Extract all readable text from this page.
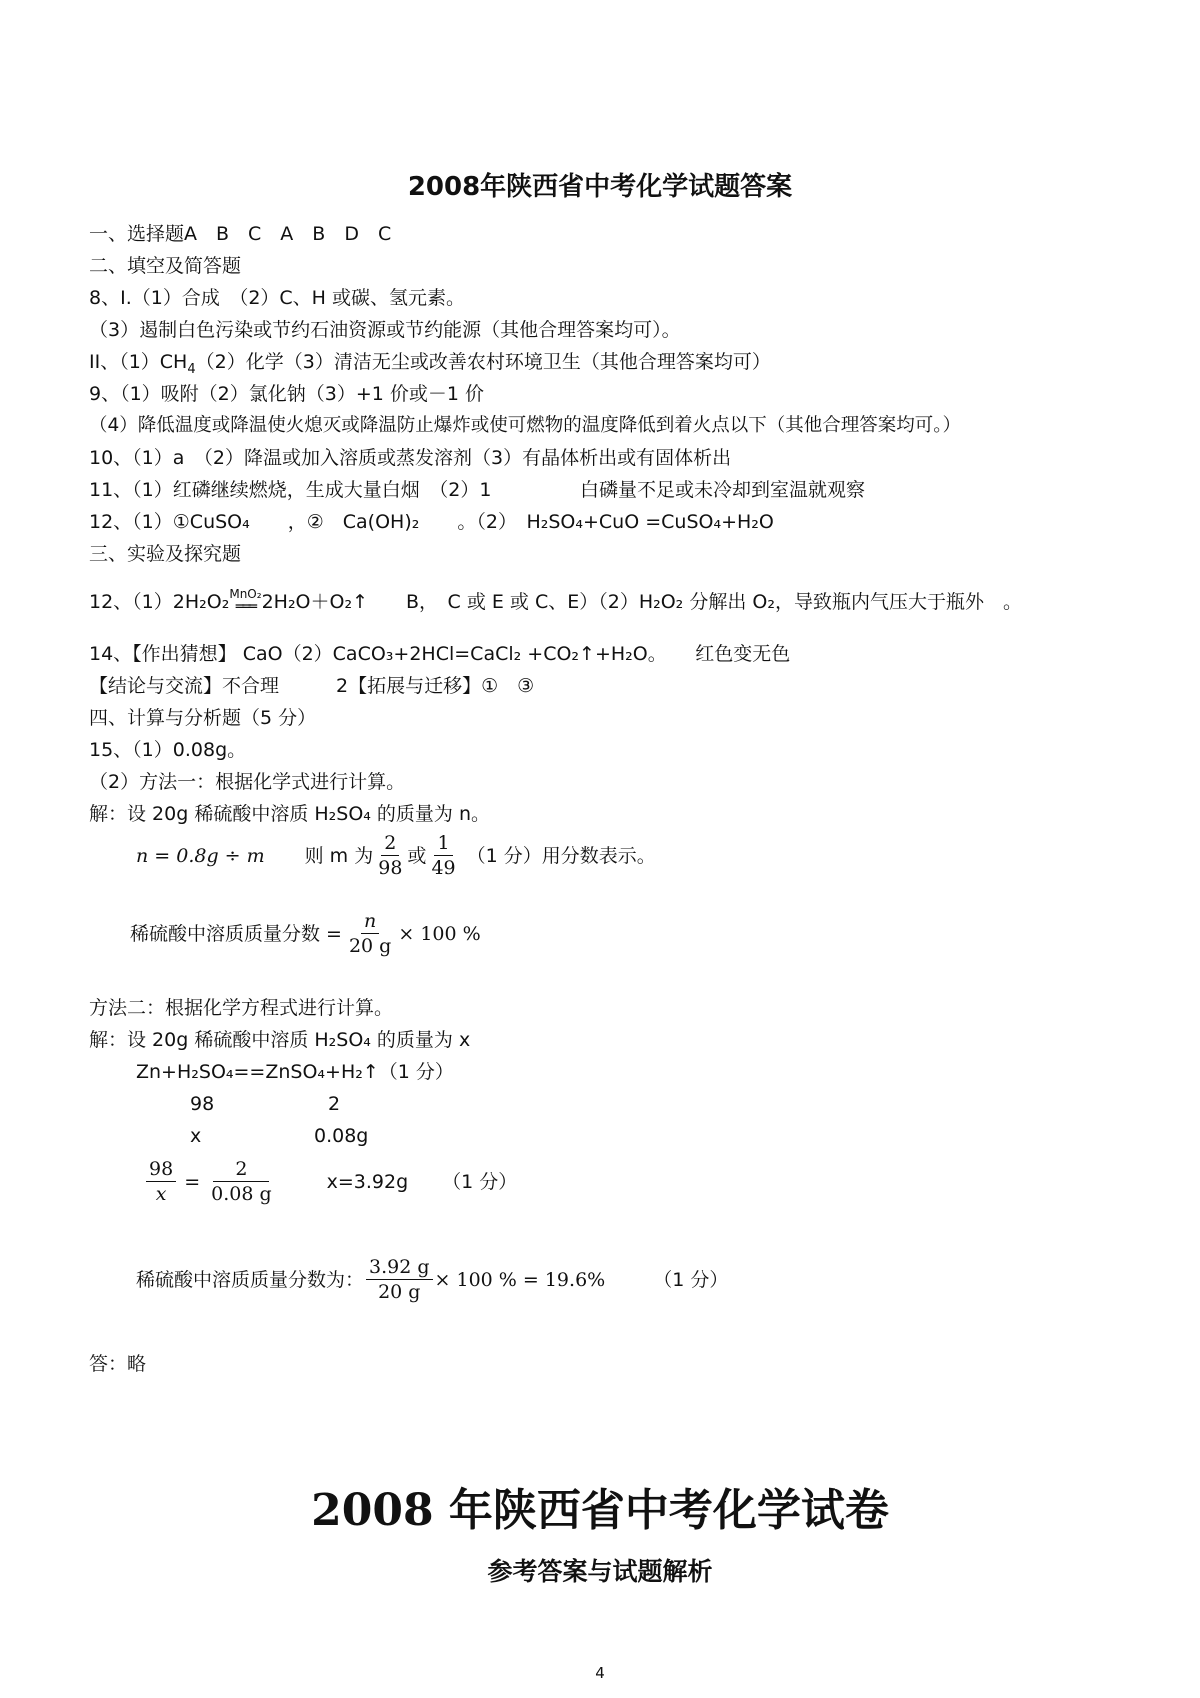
2008年陕西省中考化学试题答案
一、选择题A　B　C　A　B　D　C
二、填空及简答题
8、I.（1）合成　（2）C、H 或碳、氢元素。
（3）遏制白色污染或节约石油资源或节约能源（其他合理答案均可）。
II、$(1)CH_4(2)$化学（3）清洁无尘或改善农村环境卫生（其他合理答案均可）
9、（1）吸附（2）氯化钠（3）+1 价或－1 价
（4）降低温度或降温使火熄灭或降温防止爆炸或使可燃物的温度降低到着火点以下（其他合理答案均可。）
10、（1）a　（2）降温或加入溶质或蒸发溶剂（3）有晶体析出或有固体析出
11、（1）红磷继续燃烧，生成大量白烟　（2）1	白磷量不足或未冷却到室温就观察
12、（1）①CuSO₄　　，②　Ca(OH)₂　　。（2）　H₂SO₄+CuO =CuSO₄+H₂O
三、实验及探究题
12、（1）2H₂O₂ MnO₂
═══ 2H₂O＋O₂↑　　B，　C 或 E 或 C、E）（2）H₂O₂ 分解出 O₂，导致瓶内气压大于瓶外　。
14、【作出猜想】 CaO（2）CaCO₃+2HCl=CaCl₂ +CO₂↑+H₂O。　　红色变无色
【结论与交流】不合理　　　2【拓展与迁移】①　③
四、计算与分析题（5 分）
15、（1）0.08g。
（2）方法一：根据化学式进行计算。
解：设 20g 稀硫酸中溶质 H₂SO₄ 的质量为 n。
n = 0.8g ÷ m 则 m 为 $\frac{2}{98}$ 或 $\frac{1}{49} (1$ 分）用分数表示。
稀硫酸中溶质质量分数 = $\frac{n}{20 g} \times 100$ %
方法二：根据化学方程式进行计算。
解：设 20g 稀硫酸中溶质 H₂SO₄ 的质量为 x
Zn+H₂SO₄==ZnSO₄+H₂↑（1 分）
98	2
x	0.08g
$\frac{98}{x} = \frac{2}{0.08 g}$	x=3.92g （1 分）
稀硫酸中溶质质量分数为： $\frac{3.92 g}{20 g} \times 100$ % = 19.6%	（1 分）
答：略
2008 年陕西省中考化学试卷
参考答案与试题解析
4
